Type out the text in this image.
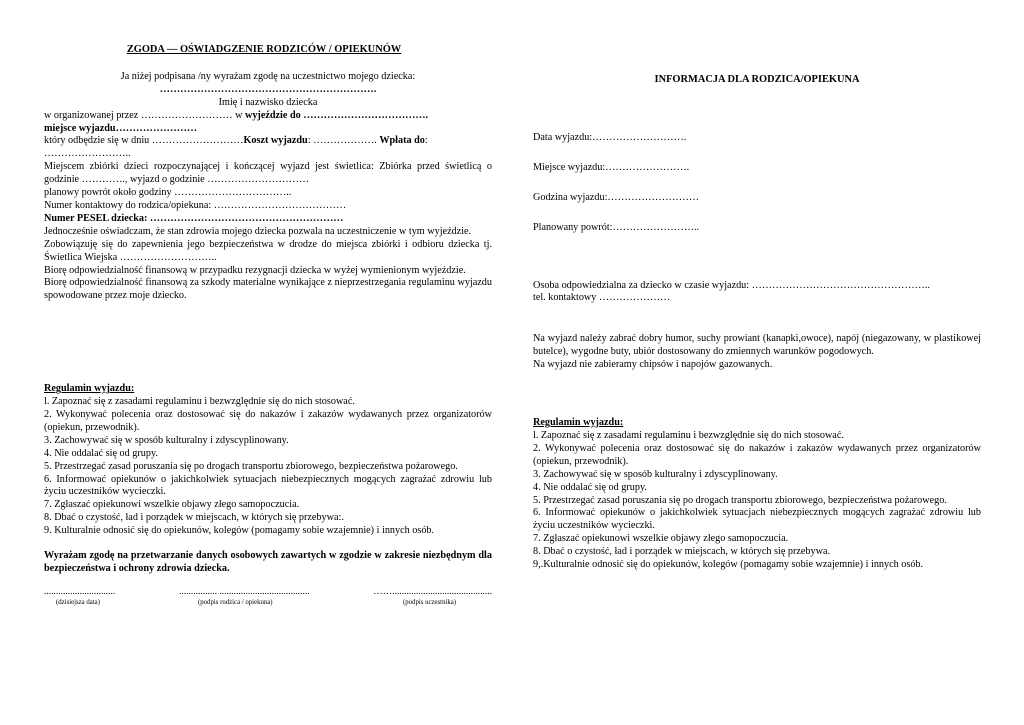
ZGODA — OŚWIADGZENIE RODZICÓW / OPIEKUNÓW
Ja niżej podpisana /ny wyrażam zgodę na uczestnictwo mojego dziecka:
……………………………………………………….
Imię i nazwisko dziecka
w organizowanej przez ……………………… w wyjeździe do ……………………………….
miejsce wyjazdu……………………
który odbędzie się w dniu ………………………Koszt wyjazdu: ………………. Wpłata do: ……………………..
Miejscem zbiórki dzieci rozpoczynającej i kończącej wyjazd jest świetlica: Zbiórka przed świetlicą o godzinie …………., wyjazd o godzinie …………………………
planowy powrót około godziny ……………………………..
Numer kontaktowy do rodzica/opiekuna: …………………………………
Numer PESEL dziecka: …………………………………………………
Jednocześnie oświadczam, że stan zdrowia mojego dziecka pozwala na uczestniczenie w tym wyjeździe.
Zobowiązuję się do zapewnienia jego bezpieczeństwa w drodze do miejsca zbiórki i odbioru dziecka tj. Świetlica Wiejska ………………………..
Biorę odpowiedzialność finansową w przypadku rezygnacji dziecka w wyżej wymienionym wyjeździe.
Biorę odpowiedzialność finansową za szkody materialne wynikające z nieprzestrzegania regulaminu wyjazdu spowodowane przez moje dziecko.
Regulamin wyjazdu:
l. Zapoznać się z zasadami regulaminu i bezwzględnie się do nich stosować.
2. Wykonywać polecenia oraz dostosować się do nakazów i zakazów wydawanych przez organizatorów (opiekun, przewodnik).
3. Zachowywać się w sposób kulturalny i zdyscyplinowany.
4. Nie oddalać się od grupy.
5. Przestrzegać zasad poruszania się po drogach transportu zbiorowego, bezpieczeństwa pożarowego.
6. Informować opiekunów o jakichkolwiek sytuacjach niebezpiecznych mogących zagrażać zdrowiu lub życiu uczestników wycieczki.
7. Zgłaszać opiekunowi wszelkie objawy złego samopoczucia.
8. Dbać o czystość, ład i porządek w miejscach, w których się przebywa:.
9. Kulturalnie odnosić się do opiekunów, kolegów (pomagamy sobie wzajemnie) i innych osób.
Wyrażam zgodę na przetwarzanie danych osobowych zawartych w zgodzie w zakresie niezbędnym dla bezpieczeństwa i ochrony zdrowia dziecka.
..............................	................ ......................................	……..........................................
(dzisiejsza data)	(podpis rodzica / opiekuna)	(podpis uczestnika)
INFORMACJA DLA RODZICA/OPIEKUNA
Data wyjazdu:……………………….
Miejsce wyjazdu:…………………….
Godzina wyjazdu:………………………
Planowany powrót:……………………..
Osoba odpowiedzialna za dziecko w czasie wyjazdu: ……………………………………………..
tel. kontaktowy …………………
Na wyjazd należy zabrać dobry humor, suchy prowiant (kanapki,owoce), napój (niegazowany, w plastikowej butelce), wygodne buty, ubiór dostosowany do zmiennych warunków pogodowych.
Na wyjazd nie zabieramy chipsów i napojów gazowanych.
Regulamin wyjazdu:
l. Zapoznać się z zasadami regulaminu i bezwzględnie się do nich stosować.
2. Wykonywać polecenia oraz dostosować się do nakazów i zakazów wydawanych przez organizatorów (opiekun, przewodnik).
3. Zachowywać się w sposób kulturalny i zdyscyplinowany.
4. Nie oddalać się od grupy.
5. Przestrzegać zasad poruszania się po drogach transportu zbiorowego, bezpieczeństwa pożarowego.
6. Informować opiekunów o jakichkolwiek sytuacjach niebezpiecznych mogących zagrażać zdrowiu lub życiu uczestników wycieczki.
7. Zgłaszać opiekunowi wszelkie objawy złego samopoczucia.
8. Dbać o czystość, ład i porządek w miejscach, w których się przebywa.
9,.Kulturalnie odnosić się do opiekunów, kolegów (pomagamy sobie wzajemnie) i innych osób.
